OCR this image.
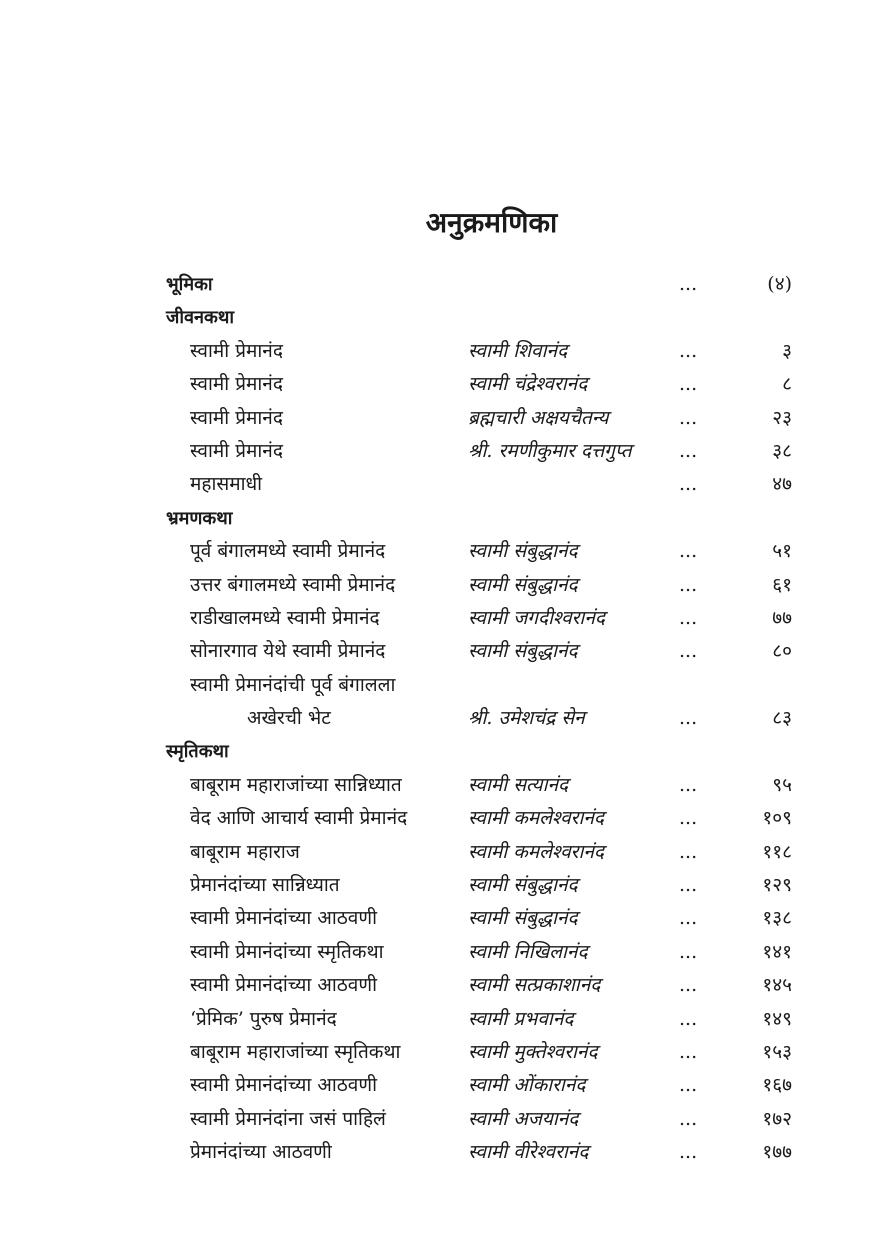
अनुक्रमणिका
भूमिका	...	(४)
जीवनकथा
स्वामी प्रेमानंद	स्वामी शिवानंद	...	३
स्वामी प्रेमानंद	स्वामी चंद्रेश्वरानंद	...	८
स्वामी प्रेमानंद	ब्रह्मचारी अक्षयचैतन्य	...	२३
स्वामी प्रेमानंद	श्री. रमणीकुमार दत्तगुप्त ...	३८
महासमाधी	...	४७
भ्रमणकथा
पूर्व बंगालमध्ये स्वामी प्रेमानंद	स्वामी संबुद्धानंद	...	५१
उत्तर बंगालमध्ये स्वामी प्रेमानंद	स्वामी संबुद्धानंद	...	६१
राडीखालमध्ये स्वामी प्रेमानंद	स्वामी जगदीश्वरानंद	...	७७
सोनारगाव येथे स्वामी प्रेमानंद	स्वामी संबुद्धानंद	...	८०
स्वामी प्रेमानंदांची पूर्व बंगालला
अखेरची भेट	श्री. उमेशचंद्र सेन	...	८३
स्मृतिकथा
बाबूराम महाराजांच्या सान्निध्यात	स्वामी सत्यानंद	...	९५
वेद आणि आचार्य स्वामी प्रेमानंद	स्वामी कमलेश्वरानंद	...	१०९
बाबूराम महाराज	स्वामी कमलेश्वरानंद	...	११८
प्रेमानंदांच्या सान्निध्यात	स्वामी संबुद्धानंद	...	१२९
स्वामी प्रेमानंदांच्या आठवणी	स्वामी संबुद्धानंद	...	१३८
स्वामी प्रेमानंदांच्या स्मृतिकथा	स्वामी निखिलानंद	...	१४१
स्वामी प्रेमानंदांच्या आठवणी	स्वामी सत्प्रकाशानंद	...	१४५
‘प्रेमिक’ पुरुष प्रेमानंद	स्वामी प्रभवानंद	...	१४९
बाबूराम महाराजांच्या स्मृतिकथा	स्वामी मुक्तेश्वरानंद	...	१५३
स्वामी प्रेमानंदांच्या आठवणी	स्वामी ओंकारानंद	...	१६७
स्वामी प्रेमानंदांना जसं पाहिलं	स्वामी अजयानंद	...	१७२
प्रेमानंदांच्या आठवणी	स्वामी वीरेश्वरानंद	...	१७७
